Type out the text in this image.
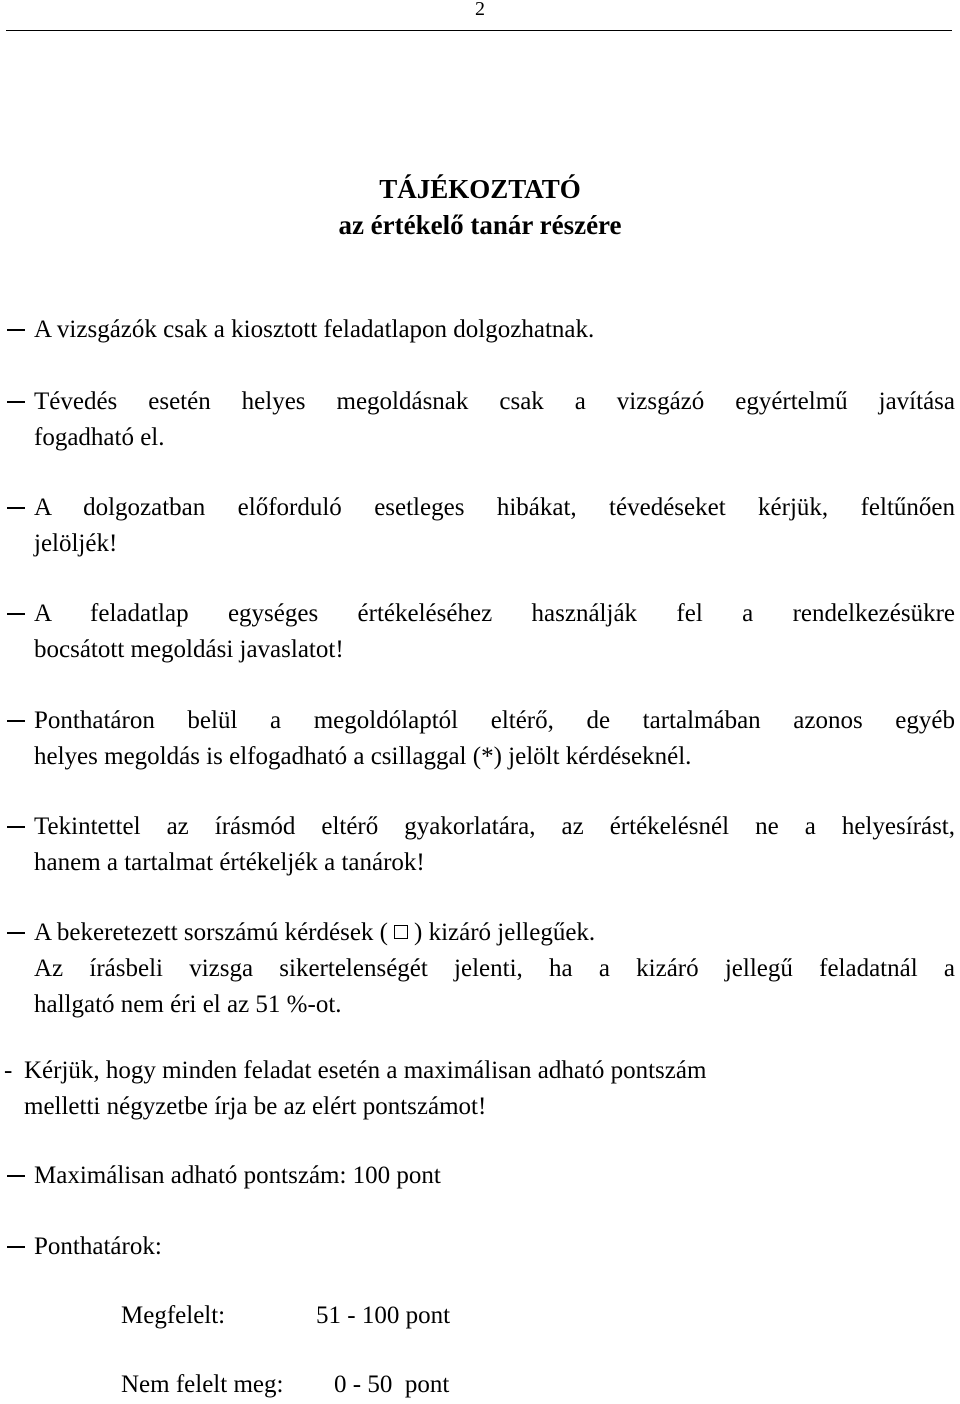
2
TÁJÉKOZTATÓ
az értékelő tanár részére
A vizsgázók csak a kiosztott feladatlapon dolgozhatnak.
Tévedés esetén helyes megoldásnak csak a vizsgázó egyértelmű javítása
fogadható el.
A dolgozatban előforduló esetleges hibákat, tévedéseket kérjük, feltűnően
jelöljék!
A feladatlap egységes értékeléséhez használják fel a rendelkezésükre
bocsátott megoldási javaslatot!
Ponthatáron belül a megoldólaptól eltérő, de tartalmában azonos egyéb
helyes megoldás is elfogadható a csillaggal (*) jelölt kérdéseknél.
Tekintettel az írásmód eltérő gyakorlatára, az értékelésnél ne a helyesírást,
hanem a tartalmat értékeljék a tanárok!
A bekeretezett sorszámú kérdések ( ) kizáró jellegűek.
Az írásbeli vizsga sikertelenségét jelenti, ha a kizáró jellegű feladatnál a
hallgató nem éri el az 51 %-ot.
- Kérjük, hogy minden feladat esetén a maximálisan adható pontszám
melletti négyzetbe írja be az elért pontszámot!
Maximálisan adható pontszám: 100 pont
Ponthatárok:
Megfelelt:	51 - 100 pont
Nem felelt meg: 0 - 50  pont
